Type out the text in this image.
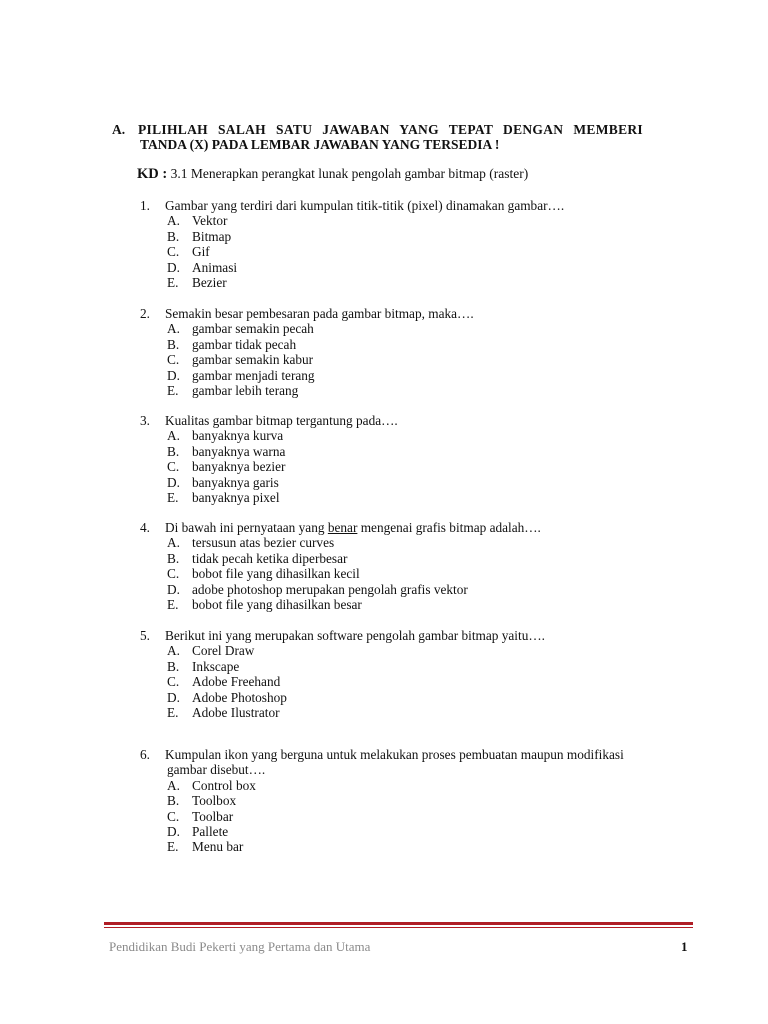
A. PILIHLAH SALAH SATU JAWABAN YANG TEPAT DENGAN MEMBERI
TANDA (X) PADA LEMBAR JAWABAN YANG TERSEDIA !
KD : 3.1 Menerapkan perangkat lunak pengolah gambar bitmap (raster)
1. Gambar yang terdiri dari kumpulan titik-titik (pixel) dinamakan gambar….
A. Vektor
B. Bitmap
C. Gif
D. Animasi
E. Bezier
2. Semakin besar pembesaran pada gambar bitmap, maka….
A. gambar semakin pecah
B. gambar tidak pecah
C. gambar semakin kabur
D. gambar menjadi terang
E. gambar lebih terang
3. Kualitas gambar bitmap tergantung pada….
A. banyaknya kurva
B. banyaknya warna
C. banyaknya bezier
D. banyaknya garis
E. banyaknya pixel
4. Di bawah ini pernyataan yang benar mengenai grafis bitmap adalah….
A. tersusun atas bezier curves
B. tidak pecah ketika diperbesar
C. bobot file yang dihasilkan kecil
D. adobe photoshop merupakan pengolah grafis vektor
E. bobot file yang dihasilkan besar
5. Berikut ini yang merupakan software pengolah gambar bitmap yaitu….
A. Corel Draw
B. Inkscape
C. Adobe Freehand
D. Adobe Photoshop
E. Adobe Ilustrator
6. Kumpulan ikon yang berguna untuk melakukan proses pembuatan maupun modifikasi
gambar disebut….
A. Control box
B. Toolbox
C. Toolbar
D. Pallete
E. Menu bar
Pendidikan Budi Pekerti yang Pertama dan Utama	1
